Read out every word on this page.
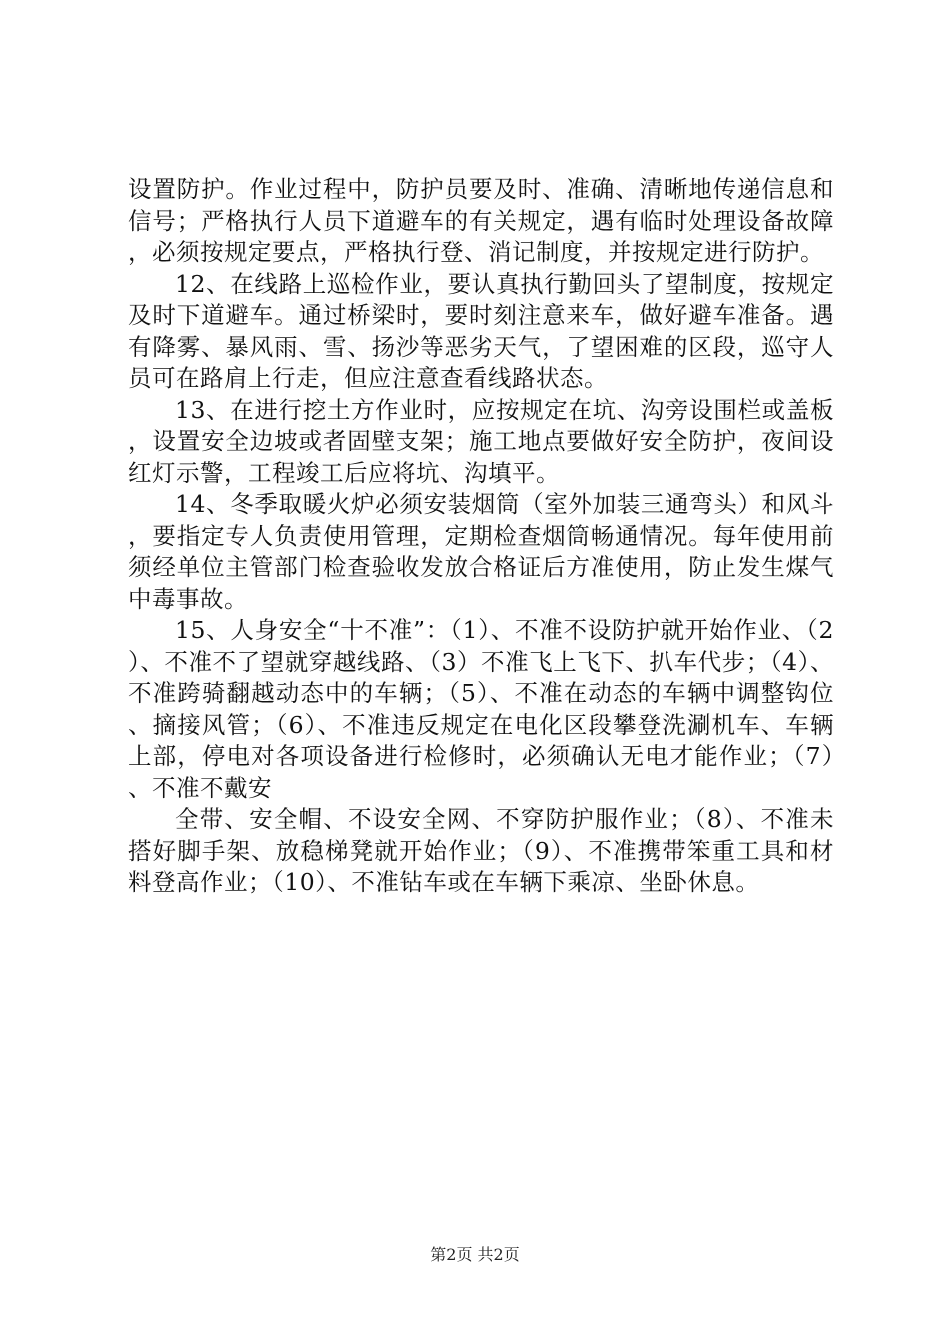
设置防护。作业过程中，防护员要及时、准确、清晰地传递信息和信号；严格执行人员下道避车的有关规定，遇有临时处理设备故障，必须按规定要点，严格执行登、消记制度，并按规定进行防护。

12、在线路上巡检作业，要认真执行勤回头了望制度，按规定及时下道避车。通过桥梁时，要时刻注意来车，做好避车准备。遇有降雾、暴风雨、雪、扬沙等恶劣天气，了望困难的区段，巡守人员可在路肩上行走，但应注意查看线路状态。

13、在进行挖土方作业时，应按规定在坑、沟旁设围栏或盖板，设置安全边坡或者固壁支架；施工地点要做好安全防护，夜间设红灯示警，工程竣工后应将坑、沟填平。

14、冬季取暖火炉必须安装烟筒（室外加装三通弯头）和风斗，要指定专人负责使用管理，定期检查烟筒畅通情况。每年使用前须经单位主管部门检查验收发放合格证后方准使用，防止发生煤气中毒事故。

15、人身安全“十不准”：（1）、不准不设防护就开始作业、（2）、不准不了望就穿越线路、（3）不准飞上飞下、扒车代步；（4）、不准跨骑翻越动态中的车辆；（5）、不准在动态的车辆中调整钩位、摘接风管；（6）、不准违反规定在电化区段攀登洗涮机车、车辆上部，停电对各项设备进行检修时，必须确认无电才能作业；（7）、不准不戴安

全带、安全帽、不设安全网、不穿防护服作业；（8）、不准未搭好脚手架、放稳梯凳就开始作业；（9）、不准携带笨重工具和材料登高作业；（10）、不准钻车或在车辆下乘凉、坐卧休息。

第2页 共2页
